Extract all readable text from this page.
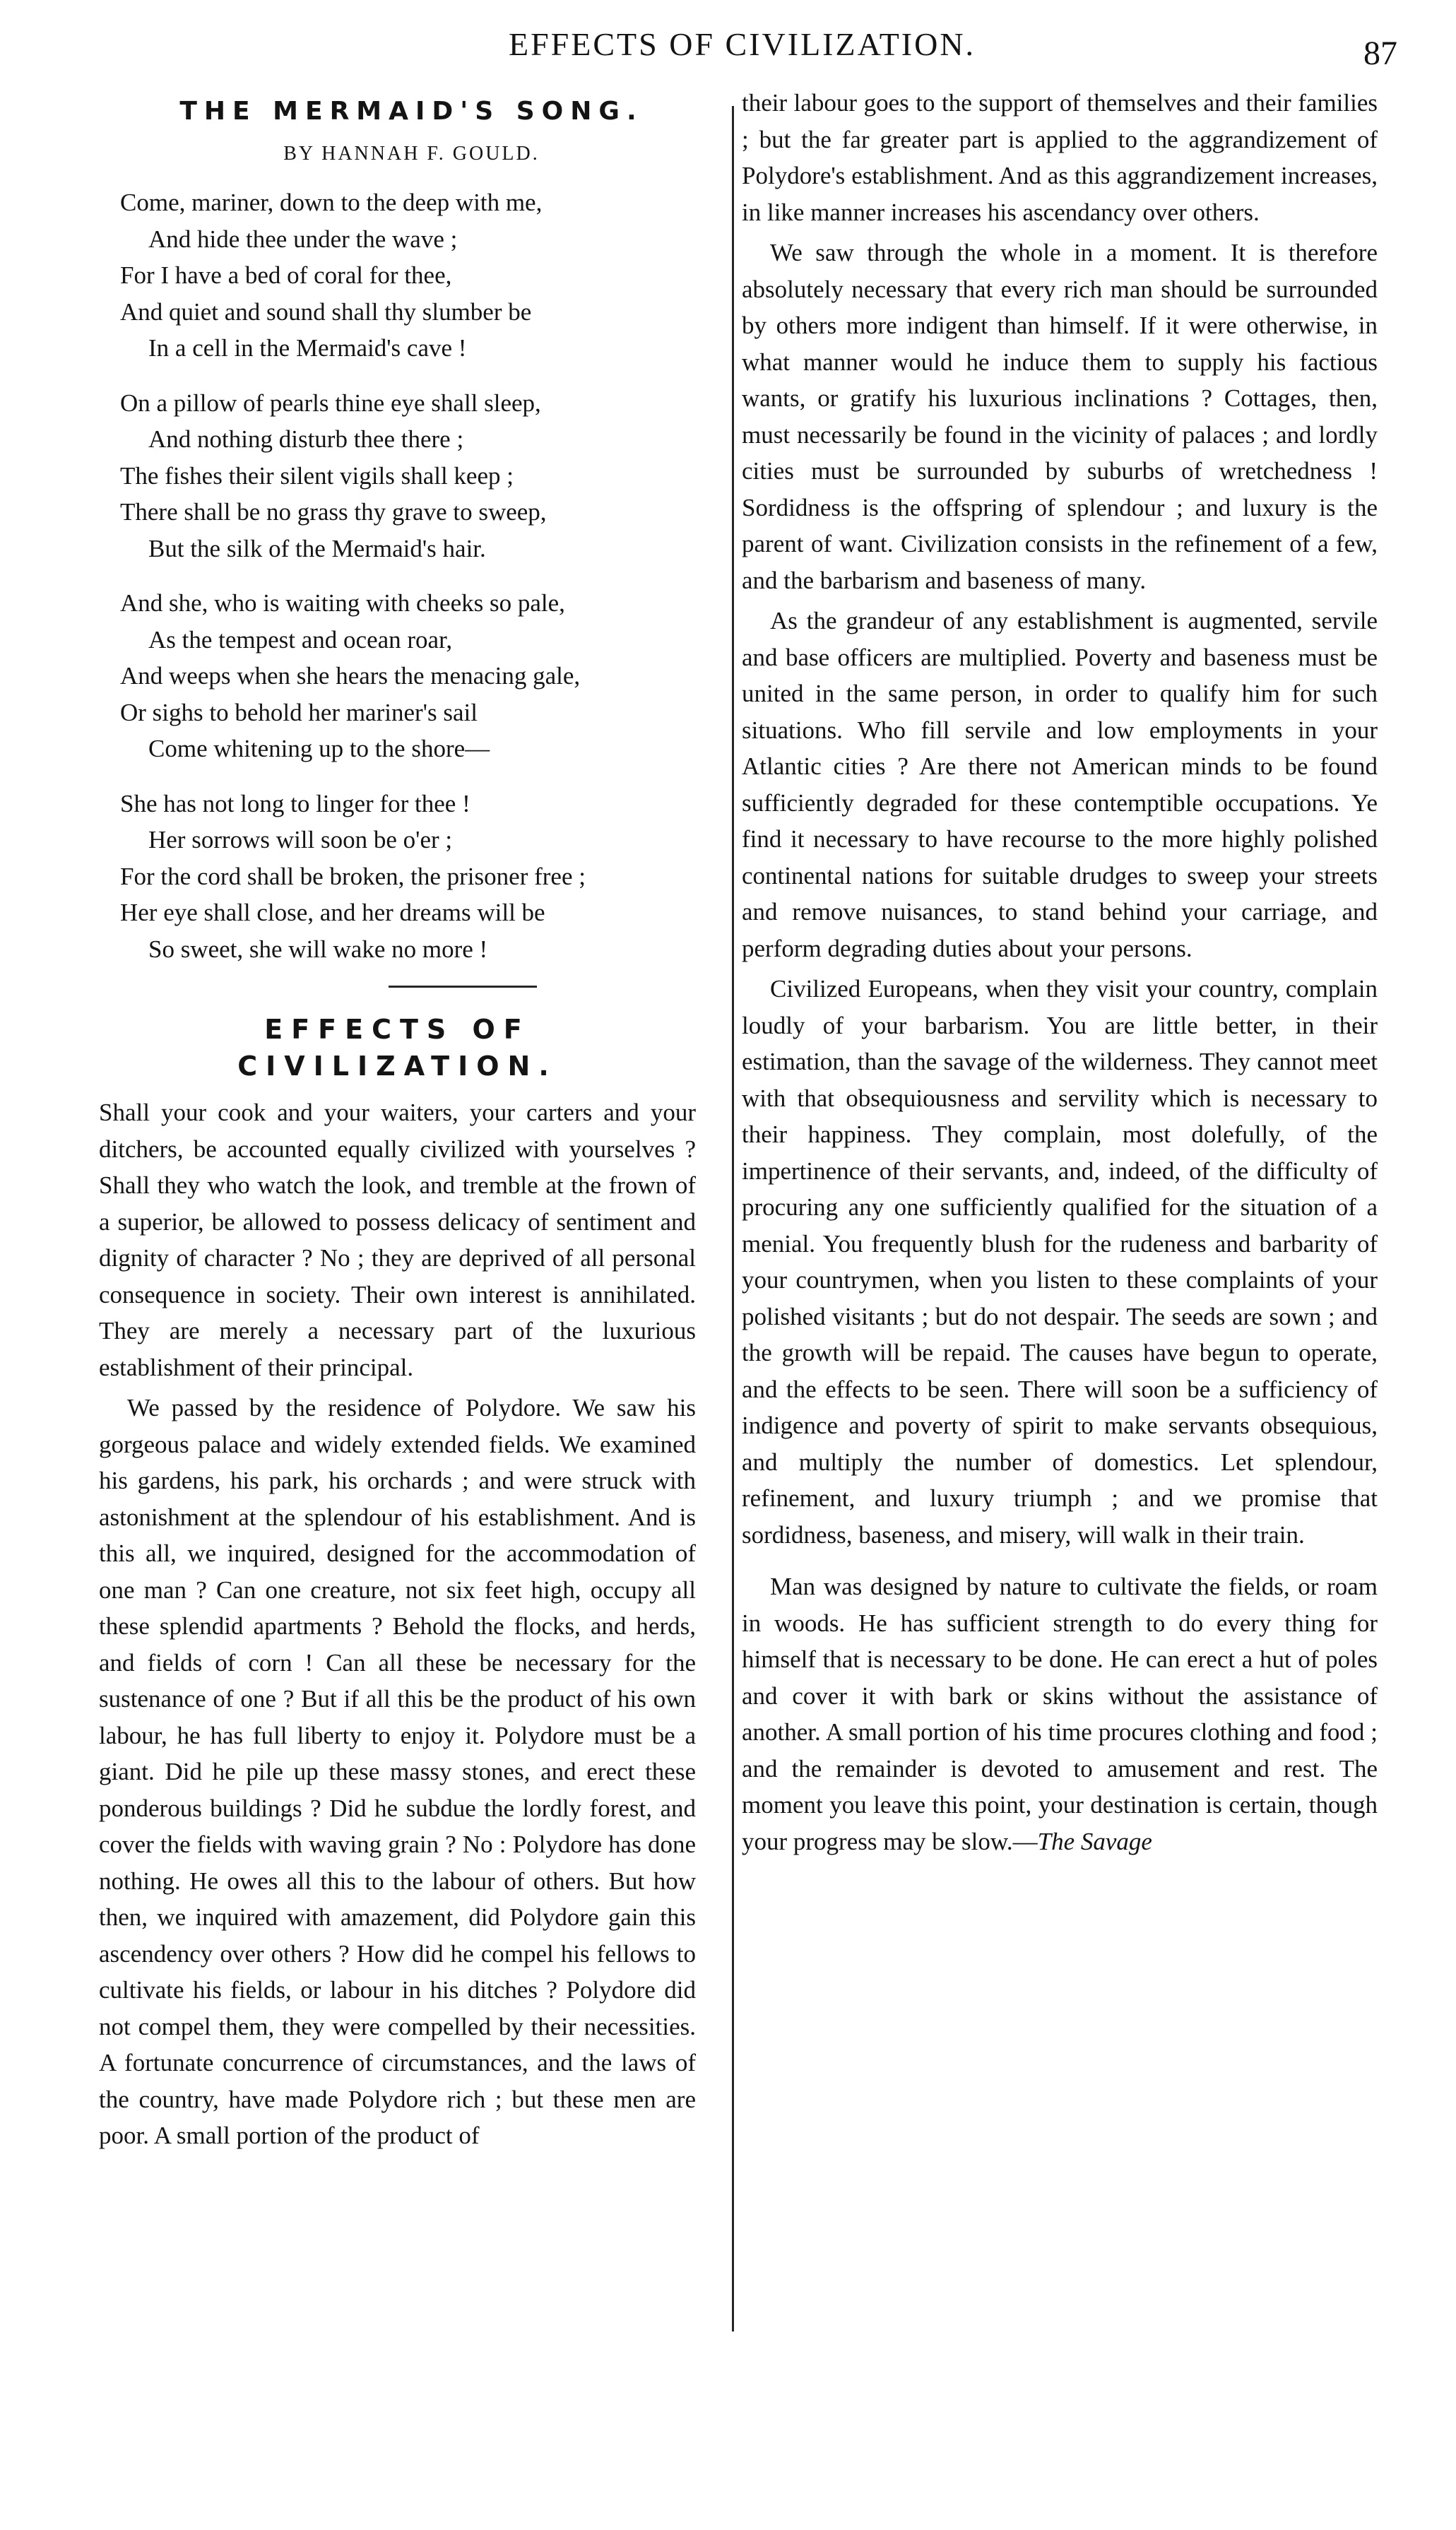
EFFECTS OF CIVILIZATION.	87
THE MERMAID'S SONG.
BY HANNAH F. GOULD.
Come, mariner, down to the deep with me,
And hide thee under the wave ;
For I have a bed of coral for thee,
And quiet and sound shall thy slumber be
In a cell in the Mermaid's cave !
On a pillow of pearls thine eye shall sleep,
And nothing disturb thee there ;
The fishes their silent vigils shall keep ;
There shall be no grass thy grave to sweep,
But the silk of the Mermaid's hair.
And she, who is waiting with cheeks so pale,
As the tempest and ocean roar,
And weeps when she hears the menacing gale,
Or sighs to behold her mariner's sail
Come whitening up to the shore—
She has not long to linger for thee !
Her sorrows will soon be o'er ;
For the cord shall be broken, the prisoner free ;
Her eye shall close, and her dreams will be
So sweet, she will wake no more !
EFFECTS OF CIVILIZATION.

Shall your cook and your waiters, your carters and your ditchers, be accounted equally civilized with yourselves ? Shall they who watch the look, and tremble at the frown of a superior, be allowed to possess delicacy of sentiment and dignity of character ? No ; they are deprived of all personal consequence in society. Their own interest is annihilated. They are merely a necessary part of the luxurious establishment of their principal.

We passed by the residence of Polydore. We saw his gorgeous palace and widely extended fields. We examined his gardens, his park, his orchards ; and were struck with astonishment at the splendour of his establishment. And is this all, we inquired, designed for the accommodation of one man ? Can one creature, not six feet high, occupy all these splendid apartments ? Behold the flocks, and herds, and fields of corn ! Can all these be necessary for the sustenance of one ? But if all this be the product of his own labour, he has full liberty to enjoy it. Polydore must be a giant. Did he pile up these massy stones, and erect these ponderous buildings ? Did he subdue the lordly forest, and cover the fields with waving grain ? No : Polydore has done nothing. He owes all this to the labour of others. But how then, we inquired with amazement, did Polydore gain this ascendency over others ? How did he compel his fellows to cultivate his fields, or labour in his ditches ? Polydore did not compel them, they were compelled by their necessities. A fortunate concurrence of circumstances, and the laws of the country, have made Polydore rich ; but these men are poor. A small portion of the product of

their labour goes to the support of themselves and their families ; but the far greater part is applied to the aggrandizement of Polydore's establishment. And as this aggrandizement increases, in like manner increases his ascendancy over others.

We saw through the whole in a moment. It is therefore absolutely necessary that every rich man should be surrounded by others more indigent than himself. If it were otherwise, in what manner would he induce them to supply his factious wants, or gratify his luxurious inclinations ? Cottages, then, must necessarily be found in the vicinity of palaces ; and lordly cities must be surrounded by suburbs of wretchedness ! Sordidness is the offspring of splendour ; and luxury is the parent of want. Civilization consists in the refinement of a few, and the barbarism and baseness of many.

As the grandeur of any establishment is augmented, servile and base officers are multiplied. Poverty and baseness must be united in the same person, in order to qualify him for such situations. Who fill servile and low employments in your Atlantic cities ? Are there not American minds to be found sufficiently degraded for these contemptible occupations. Ye find it necessary to have recourse to the more highly polished continental nations for suitable drudges to sweep your streets and remove nuisances, to stand behind your carriage, and perform degrading duties about your persons.

Civilized Europeans, when they visit your country, complain loudly of your barbarism. You are little better, in their estimation, than the savage of the wilderness. They cannot meet with that obsequiousness and servility which is necessary to their happiness. They complain, most dolefully, of the impertinence of their servants, and, indeed, of the difficulty of procuring any one sufficiently qualified for the situation of a menial. You frequently blush for the rudeness and barbarity of your countrymen, when you listen to these complaints of your polished visitants ; but do not despair. The seeds are sown ; and the growth will be repaid. The causes have begun to operate, and the effects to be seen. There will soon be a sufficiency of indigence and poverty of spirit to make servants obsequious, and multiply the number of domestics. Let splendour, refinement, and luxury triumph ; and we promise that sordidness, baseness, and misery, will walk in their train.

Man was designed by nature to cultivate the fields, or roam in woods. He has sufficient strength to do every thing for himself that is necessary to be done. He can erect a hut of poles and cover it with bark or skins without the assistance of another. A small portion of his time procures clothing and food ; and the remainder is devoted to amusement and rest. The moment you leave this point, your destination is certain, though your progress may be slow.—The Savage
